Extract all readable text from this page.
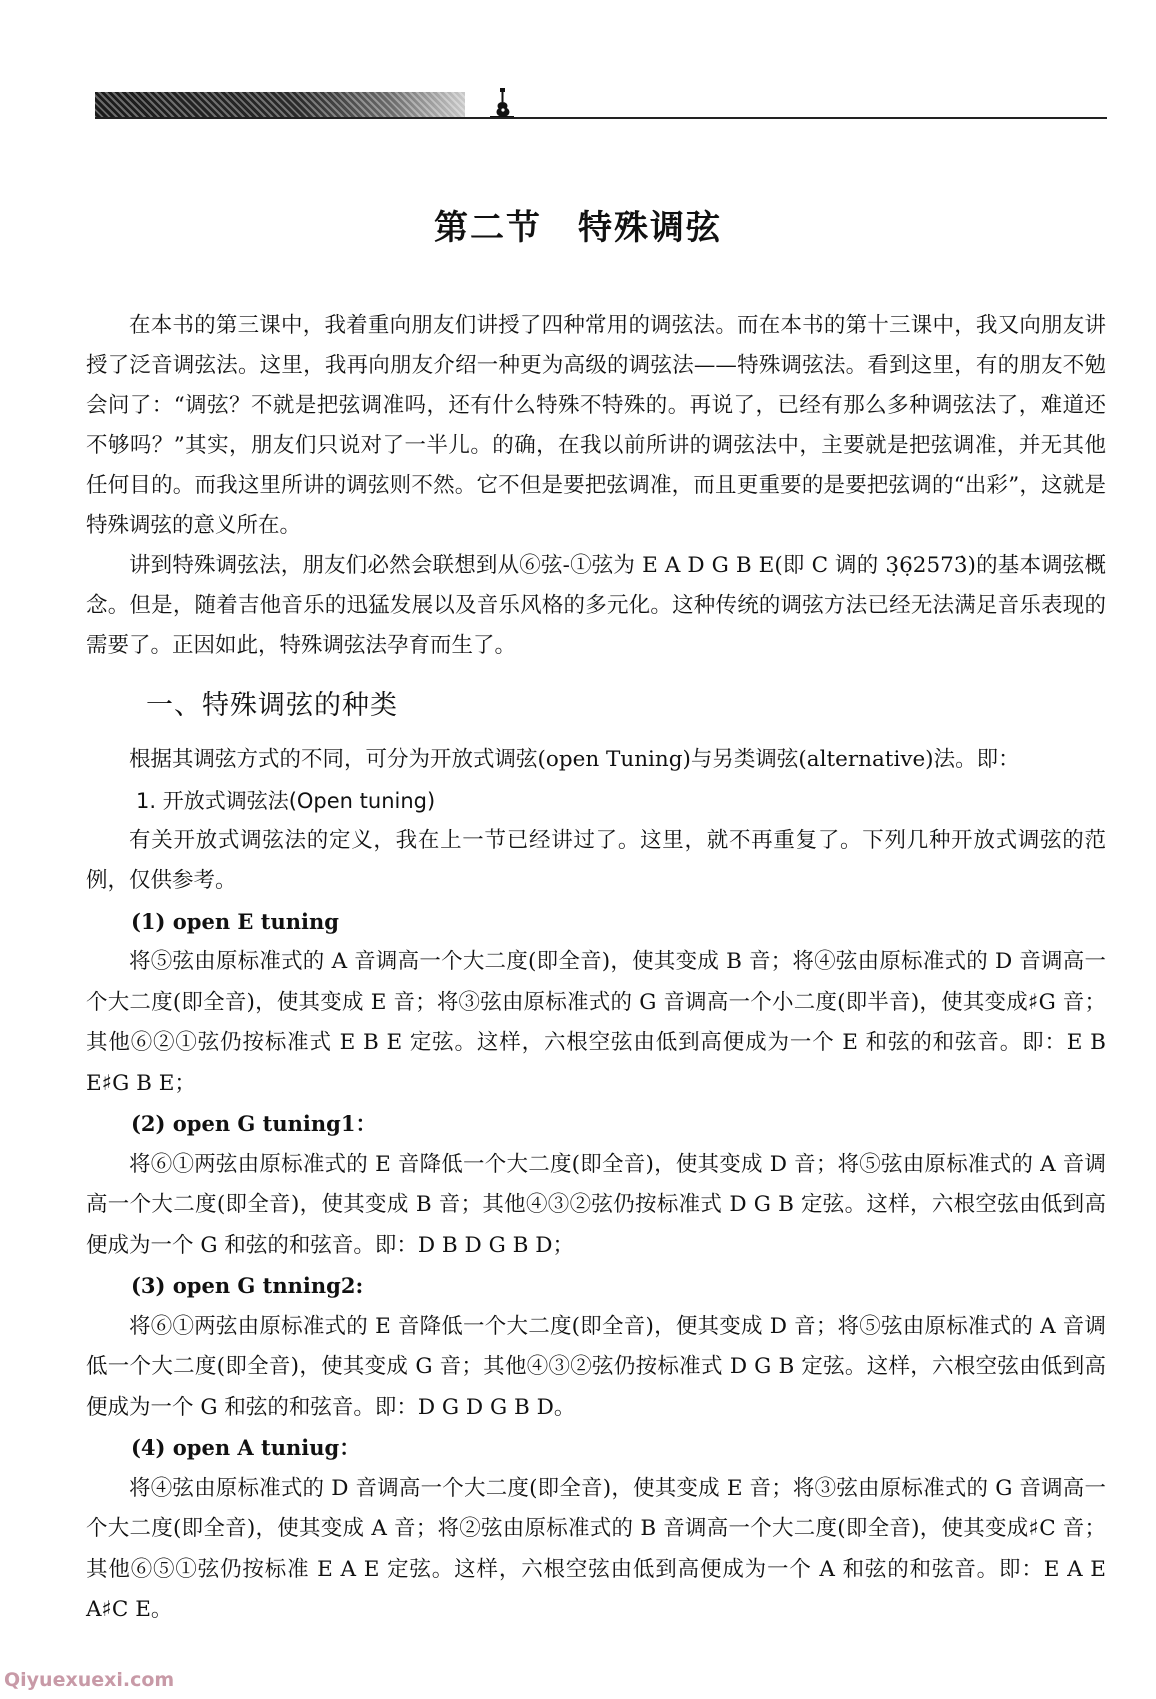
第二节　特殊调弦

在本书的第三课中，我着重向朋友们讲授了四种常用的调弦法。而在本书的第十三课中，我又向朋友讲授了泛音调弦法。这里，我再向朋友介绍一种更为高级的调弦法——特殊调弦法。看到这里，有的朋友不勉会问了：“调弦？不就是把弦调准吗，还有什么特殊不特殊的。再说了，已经有那么多种调弦法了，难道还不够吗？”其实，朋友们只说对了一半儿。的确，在我以前所讲的调弦法中，主要就是把弦调准，并无其他任何目的。而我这里所讲的调弦则不然。它不但是要把弦调准，而且更重要的是要把弦调的“出彩”，这就是特殊调弦的意义所在。

讲到特殊调弦法，朋友们必然会联想到从⑥弦-①弦为 E A D G B E(即 C 调的 3̣6̣2573̇)的基本调弦概念。但是，随着吉他音乐的迅猛发展以及音乐风格的多元化。这种传统的调弦方法已经无法满足音乐表现的需要了。正因如此，特殊调弦法孕育而生了。

一、特殊调弦的种类

根据其调弦方式的不同，可分为开放式调弦(open Tuning)与另类调弦(alternative)法。即：

1. 开放式调弦法(Open tuning)

有关开放式调弦法的定义，我在上一节已经讲过了。这里，就不再重复了。下列几种开放式调弦的范例，仅供参考。

(1) open E tuning

将⑤弦由原标准式的 A 音调高一个大二度(即全音)，使其变成 B 音；将④弦由原标准式的 D 音调高一个大二度(即全音)，使其变成 E 音；将③弦由原标准式的 G 音调高一个小二度(即半音)，使其变成♯G 音；其他⑥②①弦仍按标准式 E B E 定弦。这样，六根空弦由低到高便成为一个 E 和弦的和弦音。即：E B E♯G B E；

(2) open G tuning1：

将⑥①两弦由原标准式的 E 音降低一个大二度(即全音)，使其变成 D 音；将⑤弦由原标准式的 A 音调高一个大二度(即全音)，使其变成 B 音；其他④③②弦仍按标准式 D G B 定弦。这样，六根空弦由低到高便成为一个 G 和弦的和弦音。即：D B D G B D；

(3) open G tnning2:

将⑥①两弦由原标准式的 E 音降低一个大二度(即全音)，便其变成 D 音；将⑤弦由原标准式的 A 音调低一个大二度(即全音)，使其变成 G 音；其他④③②弦仍按标准式 D G B 定弦。这样，六根空弦由低到高便成为一个 G 和弦的和弦音。即：D G D G B D。

(4) open A tuniug：

将④弦由原标准式的 D 音调高一个大二度(即全音)，使其变成 E 音；将③弦由原标准式的 G 音调高一个大二度(即全音)，使其变成 A 音；将②弦由原标准式的 B 音调高一个大二度(即全音)，使其变成♯C 音；其他⑥⑤①弦仍按标准 E A E 定弦。这样，六根空弦由低到高便成为一个 A 和弦的和弦音。即：E A E A♯C E。

Qiyuexuexi.com
